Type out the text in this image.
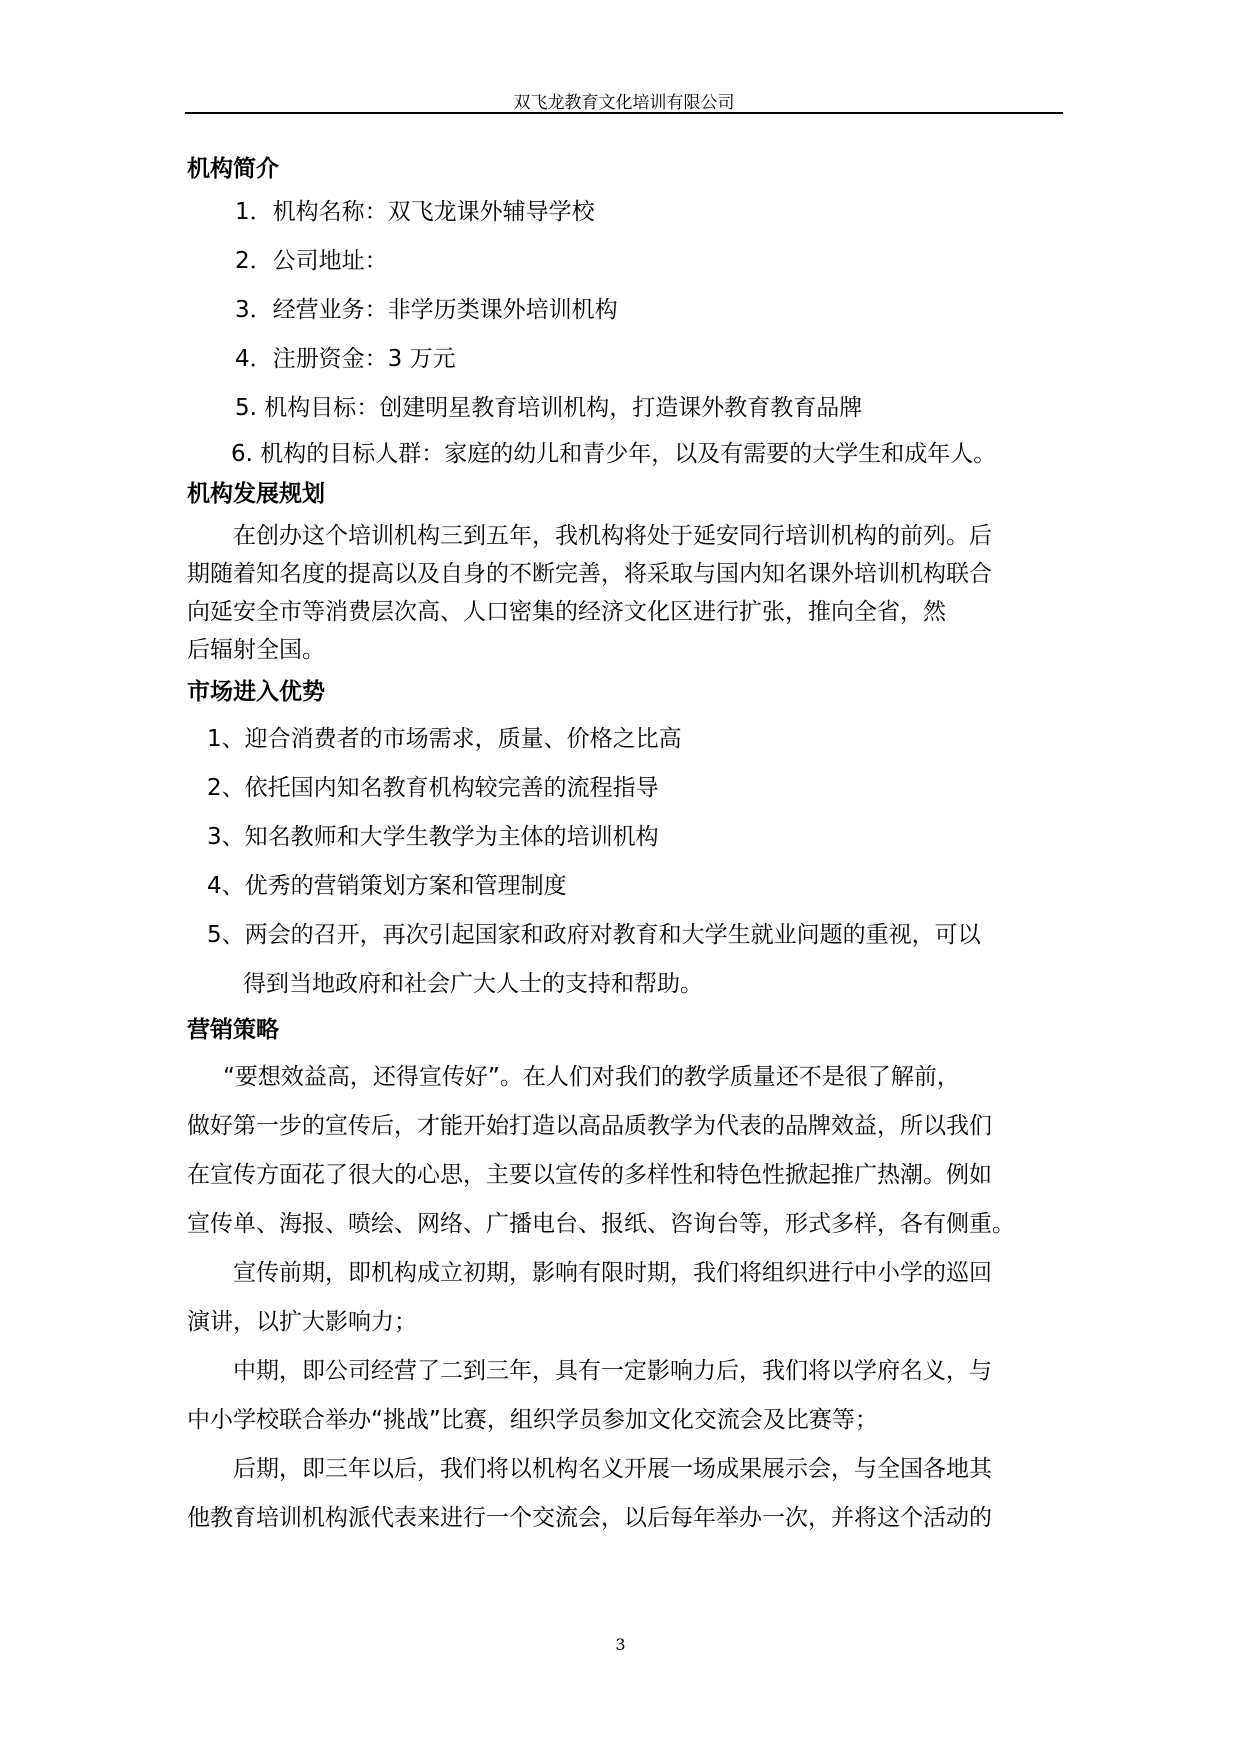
双飞龙教育文化培训有限公司
机构简介
1．机构名称：双飞龙课外辅导学校
2．公司地址：
3．经营业务：非学历类课外培训机构
4．注册资金：3 万元
5. 机构目标：创建明星教育培训机构，打造课外教育教育品牌
6. 机构的目标人群：家庭的幼儿和青少年，以及有需要的大学生和成年人。
机构发展规划
在创办这个培训机构三到五年，我机构将处于延安同行培训机构的前列。后
期随着知名度的提高以及自身的不断完善，将采取与国内知名课外培训机构联合
向延安全市等消费层次高、人口密集的经济文化区进行扩张，推向全省，然
后辐射全国。
市场进入优势
1、迎合消费者的市场需求，质量、价格之比高
2、依托国内知名教育机构较完善的流程指导
3、知名教师和大学生教学为主体的培训机构
4、优秀的营销策划方案和管理制度
5、两会的召开，再次引起国家和政府对教育和大学生就业问题的重视，可以
得到当地政府和社会广大人士的支持和帮助。
营销策略
“要想效益高，还得宣传好”。在人们对我们的教学质量还不是很了解前，
做好第一步的宣传后，才能开始打造以高品质教学为代表的品牌效益，所以我们
在宣传方面花了很大的心思，主要以宣传的多样性和特色性掀起推广热潮。例如
宣传单、海报、喷绘、网络、广播电台、报纸、咨询台等，形式多样，各有侧重。
宣传前期，即机构成立初期，影响有限时期，我们将组织进行中小学的巡回
演讲，以扩大影响力；
中期，即公司经营了二到三年，具有一定影响力后，我们将以学府名义，与
中小学校联合举办“挑战”比赛，组织学员参加文化交流会及比赛等；
后期，即三年以后，我们将以机构名义开展一场成果展示会，与全国各地其
他教育培训机构派代表来进行一个交流会，以后每年举办一次，并将这个活动的
3
